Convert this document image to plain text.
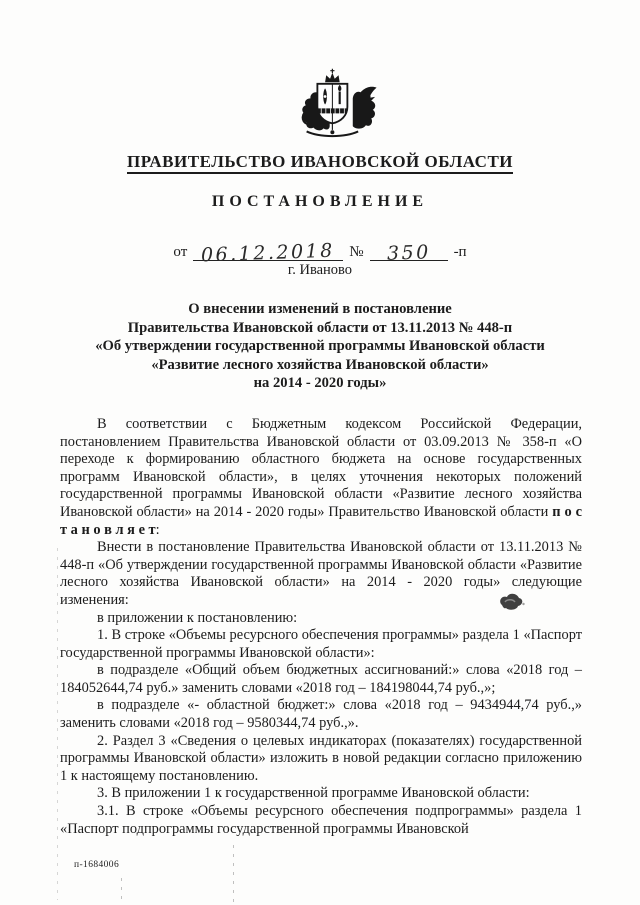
ПРАВИТЕЛЬСТВО ИВАНОВСКОЙ ОБЛАСТИ
ПОСТАНОВЛЕНИЕ
от 06.12.2018 № 350 -п
г. Иваново
О внесении изменений в постановление
Правительства Ивановской области от 13.11.2013 № 448-п
«Об утверждении государственной программы Ивановской области
«Развитие лесного хозяйства Ивановской области»
на 2014 - 2020 годы»

В соответствии с Бюджетным кодексом Российской Федерации, постановлением Правительства Ивановской области от 03.09.2013 № 358-п «О переходе к формированию областного бюджета на основе государственных программ Ивановской области», в целях уточнения некоторых положений государственной программы Ивановской области «Развитие лесного хозяйства Ивановской области» на 2014 - 2020 годы» Правительство Ивановской области п о с т а н о в л я е т:

Внести в постановление Правительства Ивановской области от 13.11.2013 № 448-п «Об утверждении государственной программы Ивановской области «Развитие лесного хозяйства Ивановской области» на 2014 - 2020 годы» следующие изменения:

в приложении к постановлению:

1. В строке «Объемы ресурсного обеспечения программы» раздела 1 «Паспорт государственной программы Ивановской области»:

в подразделе «Общий объем бюджетных ассигнований:» слова «2018 год – 184052644,74 руб.» заменить словами «2018 год – 184198044,74 руб.,»;

в подразделе «- областной бюджет:» слова «2018 год – 9434944,74 руб.,» заменить словами «2018 год – 9580344,74 руб.,».

2. Раздел 3 «Сведения о целевых индикаторах (показателях) государственной программы Ивановской области» изложить в новой редакции согласно приложению 1 к настоящему постановлению.

3. В приложении 1 к государственной программе Ивановской области:

3.1. В строке «Объемы ресурсного обеспечения подпрограммы» раздела 1 «Паспорт подпрограммы государственной программы Ивановской

п-1684006
